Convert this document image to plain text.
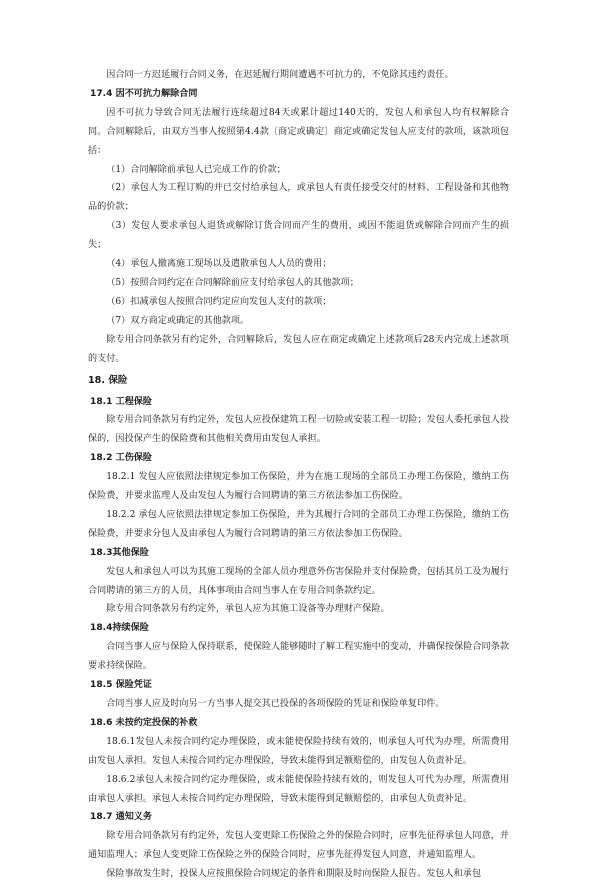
因合同一方迟延履行合同义务，在迟延履行期间遭遇不可抗力的，不免除其违约责任。
17.4 因不可抗力解除合同
因不可抗力导致合同无法履行连续超过84天或累计超过140天的，发包人和承包人均有权解除合同。合同解除后，由双方当事人按照第4.4款〔商定或确定〕商定或确定发包人应支付的款项，该款项包括：
（1）合同解除前承包人已完成工作的价款；
（2）承包人为工程订购的并已交付给承包人，或承包人有责任接受交付的材料、工程设备和其他物品的价款；
（3）发包人要求承包人退货或解除订货合同而产生的费用，或因不能退货或解除合同而产生的损失；
（4）承包人撤离施工现场以及遣散承包人人员的费用；
（5）按照合同约定在合同解除前应支付给承包人的其他款项；
（6）扣减承包人按照合同约定应向发包人支付的款项；
（7）双方商定或确定的其他款项。
除专用合同条款另有约定外，合同解除后，发包人应在商定或确定上述款项后28天内完成上述款项的支付。
18. 保险
18.1 工程保险
除专用合同条款另有约定外，发包人应投保建筑工程一切险或安装工程一切险；发包人委托承包人投保的，因投保产生的保险费和其他相关费用由发包人承担。
18.2 工伤保险
18.2.1 发包人应依照法律规定参加工伤保险，并为在施工现场的全部员工办理工伤保险，缴纳工伤保险费，并要求监理人及由发包人为履行合同聘请的第三方依法参加工伤保险。
18.2.2 承包人应依照法律规定参加工伤保险，并为其履行合同的全部员工办理工伤保险，缴纳工伤保险费，并要求分包人及由承包人为履行合同聘请的第三方依法参加工伤保险。
18.3其他保险
发包人和承包人可以为其施工现场的全部人员办理意外伤害保险并支付保险费，包括其员工及为履行合同聘请的第三方的人员，具体事项由合同当事人在专用合同条款约定。
除专用合同条款另有约定外，承包人应为其施工设备等办理财产保险。
18.4持续保险
合同当事人应与保险人保持联系，使保险人能够随时了解工程实施中的变动，并确保按保险合同条款要求持续保险。
18.5 保险凭证
合同当事人应及时向另一方当事人提交其已投保的各项保险的凭证和保险单复印件。
18.6 未按约定投保的补救
18.6.1发包人未按合同约定办理保险，或未能使保险持续有效的，则承包人可代为办理，所需费用由发包人承担。发包人未按合同约定办理保险，导致未能得到足额赔偿的，由发包人负责补足。
18.6.2承包人未按合同约定办理保险，或未能使保险持续有效的，则发包人可代为办理，所需费用由承包人承担。承包人未按合同约定办理保险，导致未能得到足额赔偿的，由承包人负责补足。
18.7 通知义务
除专用合同条款另有约定外，发包人变更除工伤保险之外的保险合同时，应事先征得承包人同意，并通知监理人；承包人变更除工伤保险之外的保险合同时，应事先征得发包人同意，并通知监理人。
保险事故发生时，投保人应按照保险合同规定的条件和期限及时向保险人报告。发包人和承包
